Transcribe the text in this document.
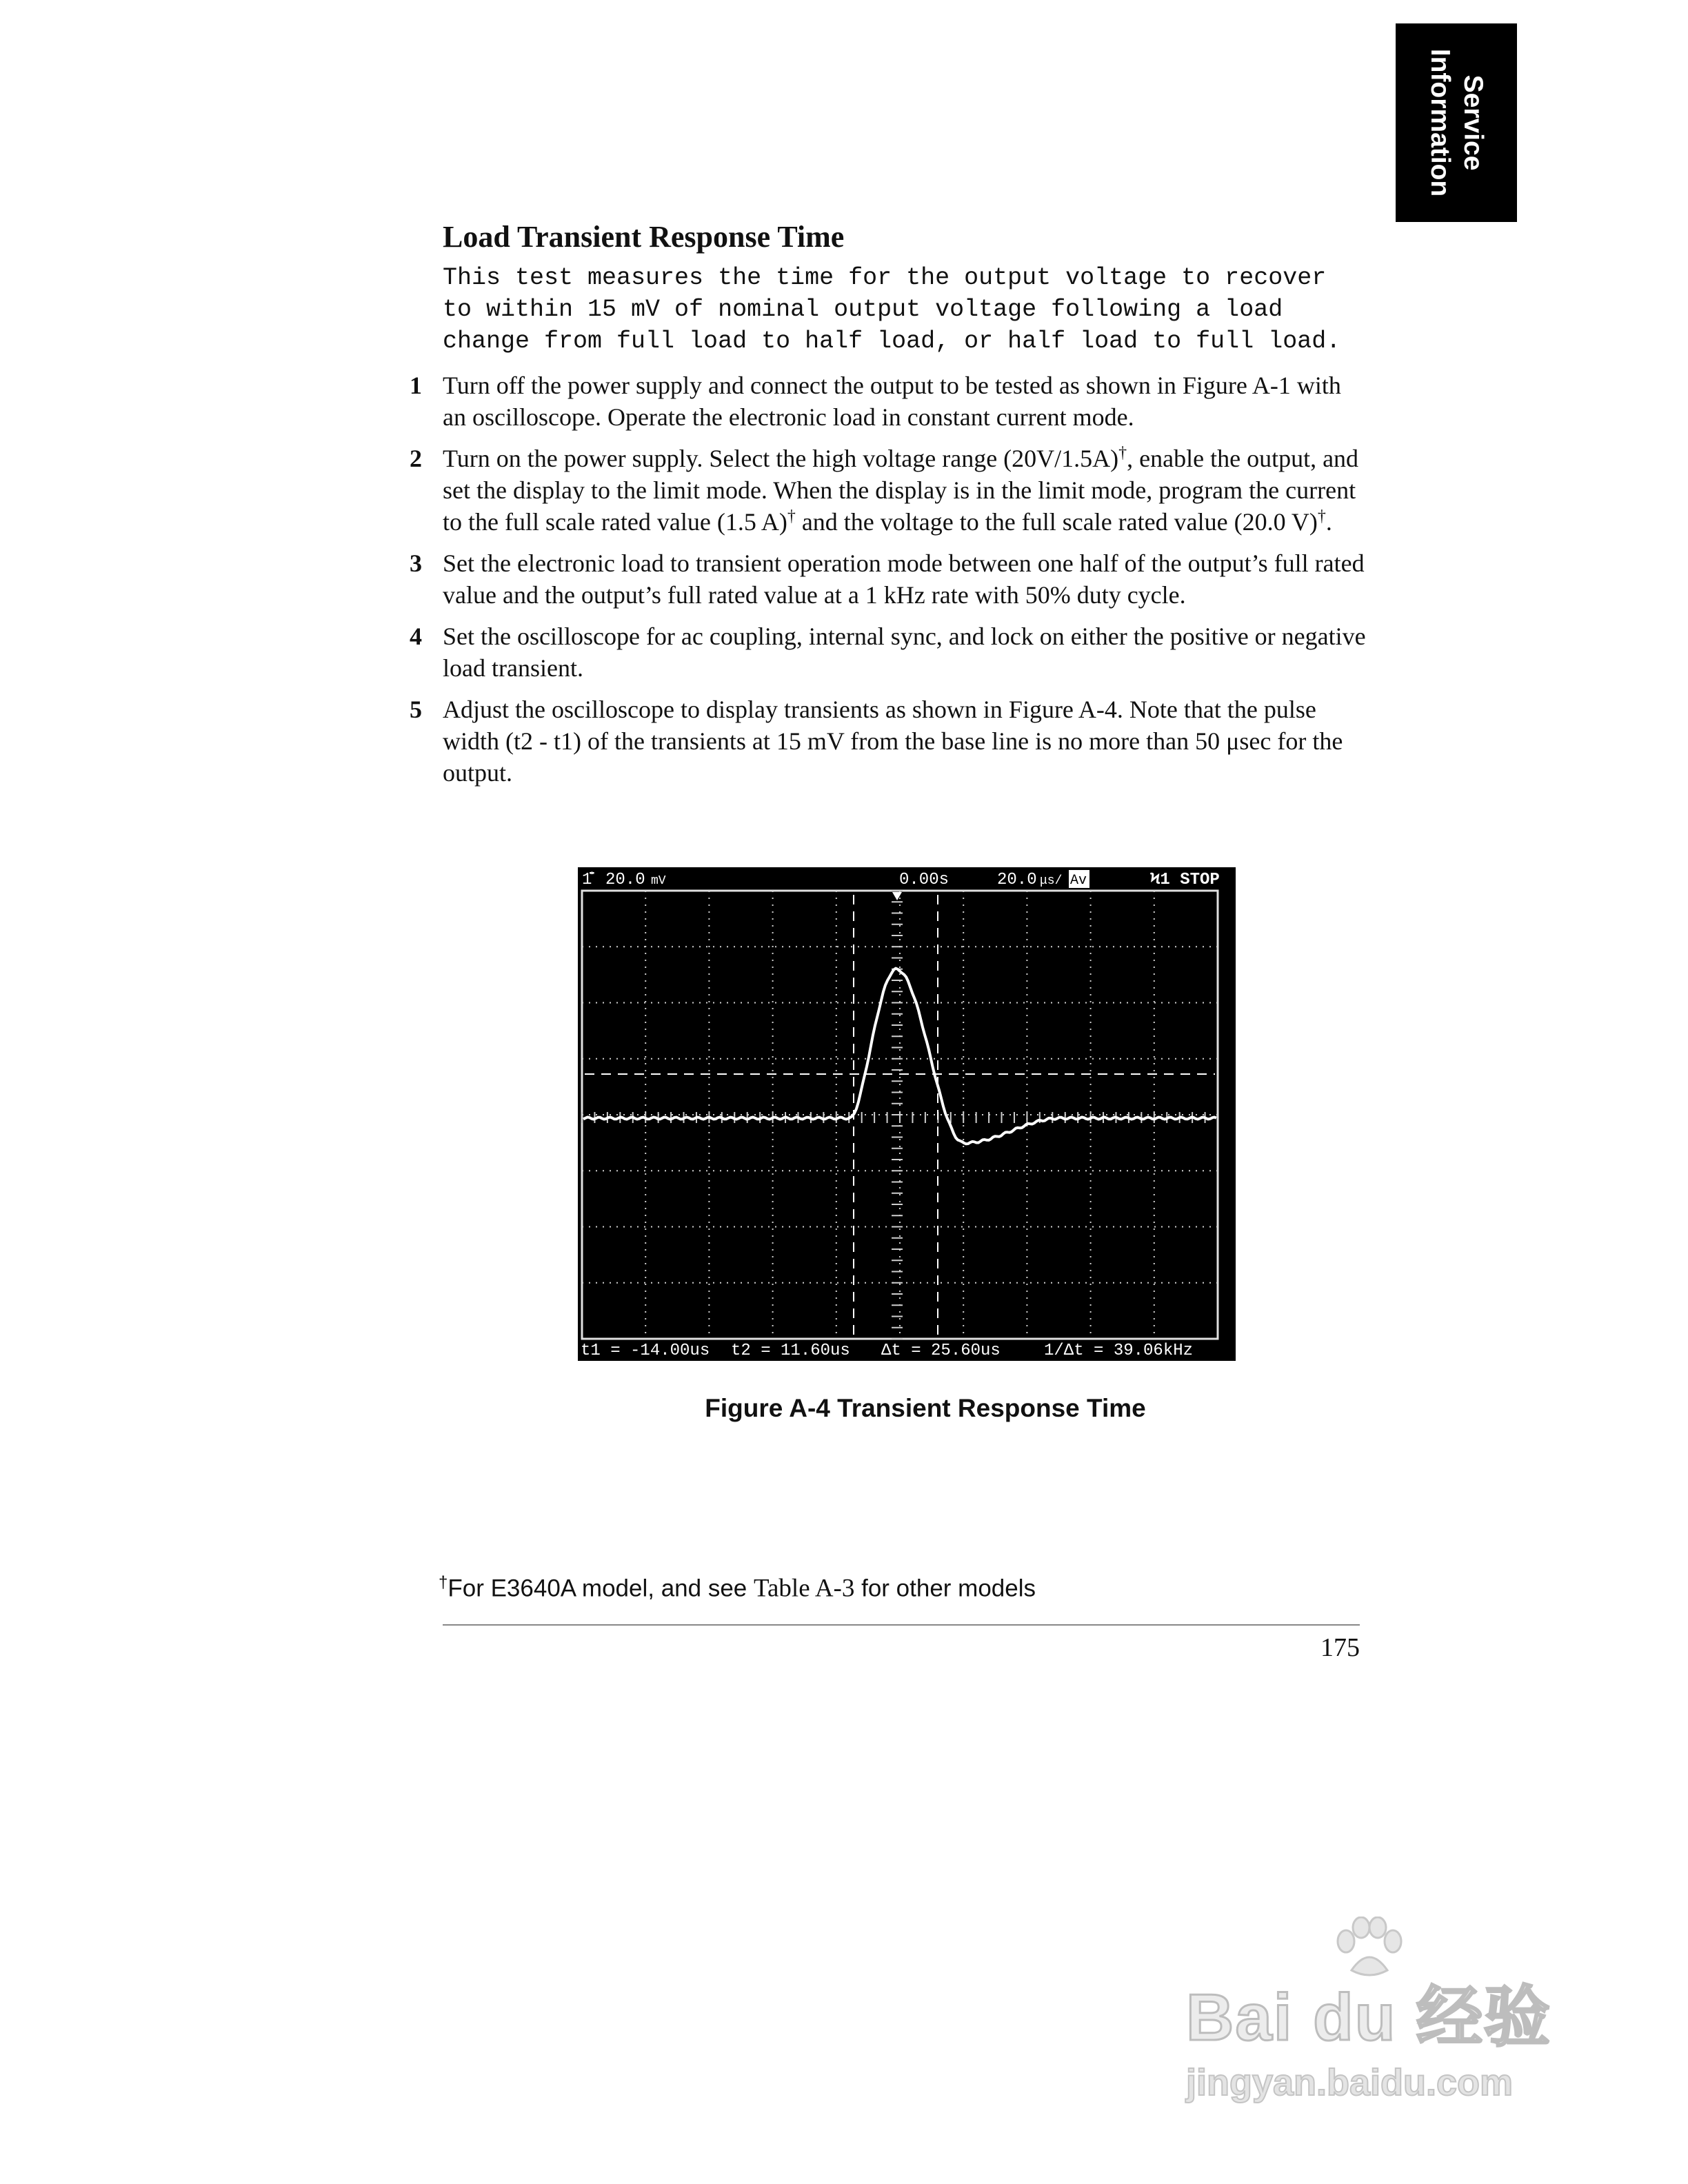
Service
Information
Load Transient Response Time

This test measures the time for the output voltage to recover to within 15 mV of nominal output voltage following a load change from full load to half load, or half load to full load.

1 Turn off the power supply and connect the output to be tested as shown in Figure A-1 with an oscilloscope. Operate the electronic load in constant current mode.
2 Turn on the power supply. Select the high voltage range (20V/1.5A)†, enable the output, and set the display to the limit mode. When the display is in the limit mode, program the current to the full scale rated value (1.5 A)† and the voltage to the full scale rated value (20.0 V)†.
3 Set the electronic load to transient operation mode between one half of the output’s full rated value and the output’s full rated value at a 1 kHz rate with 50% duty cycle.
4 Set the oscilloscope for ac coupling, internal sync, and lock on either the positive or negative load transient.
5 Adjust the oscilloscope to display transients as shown in Figure A-4. Note that the pulse width (t2 - t1) of the transients at 15 mV from the base line is no more than 50 μsec for the output.
1̑̆ 20.0 mV	0.00s	20.0 μs/ Av	Ϟ1 STOP
t1 = -14.00us t2 = 11.60us Δt = 25.60us	1/Δt = 39.06kHz

Figure A-4 Transient Response Time

†For E3640A model, and see Table A-3 for other models
175
Bai du 经验
jingyan.baidu.com
